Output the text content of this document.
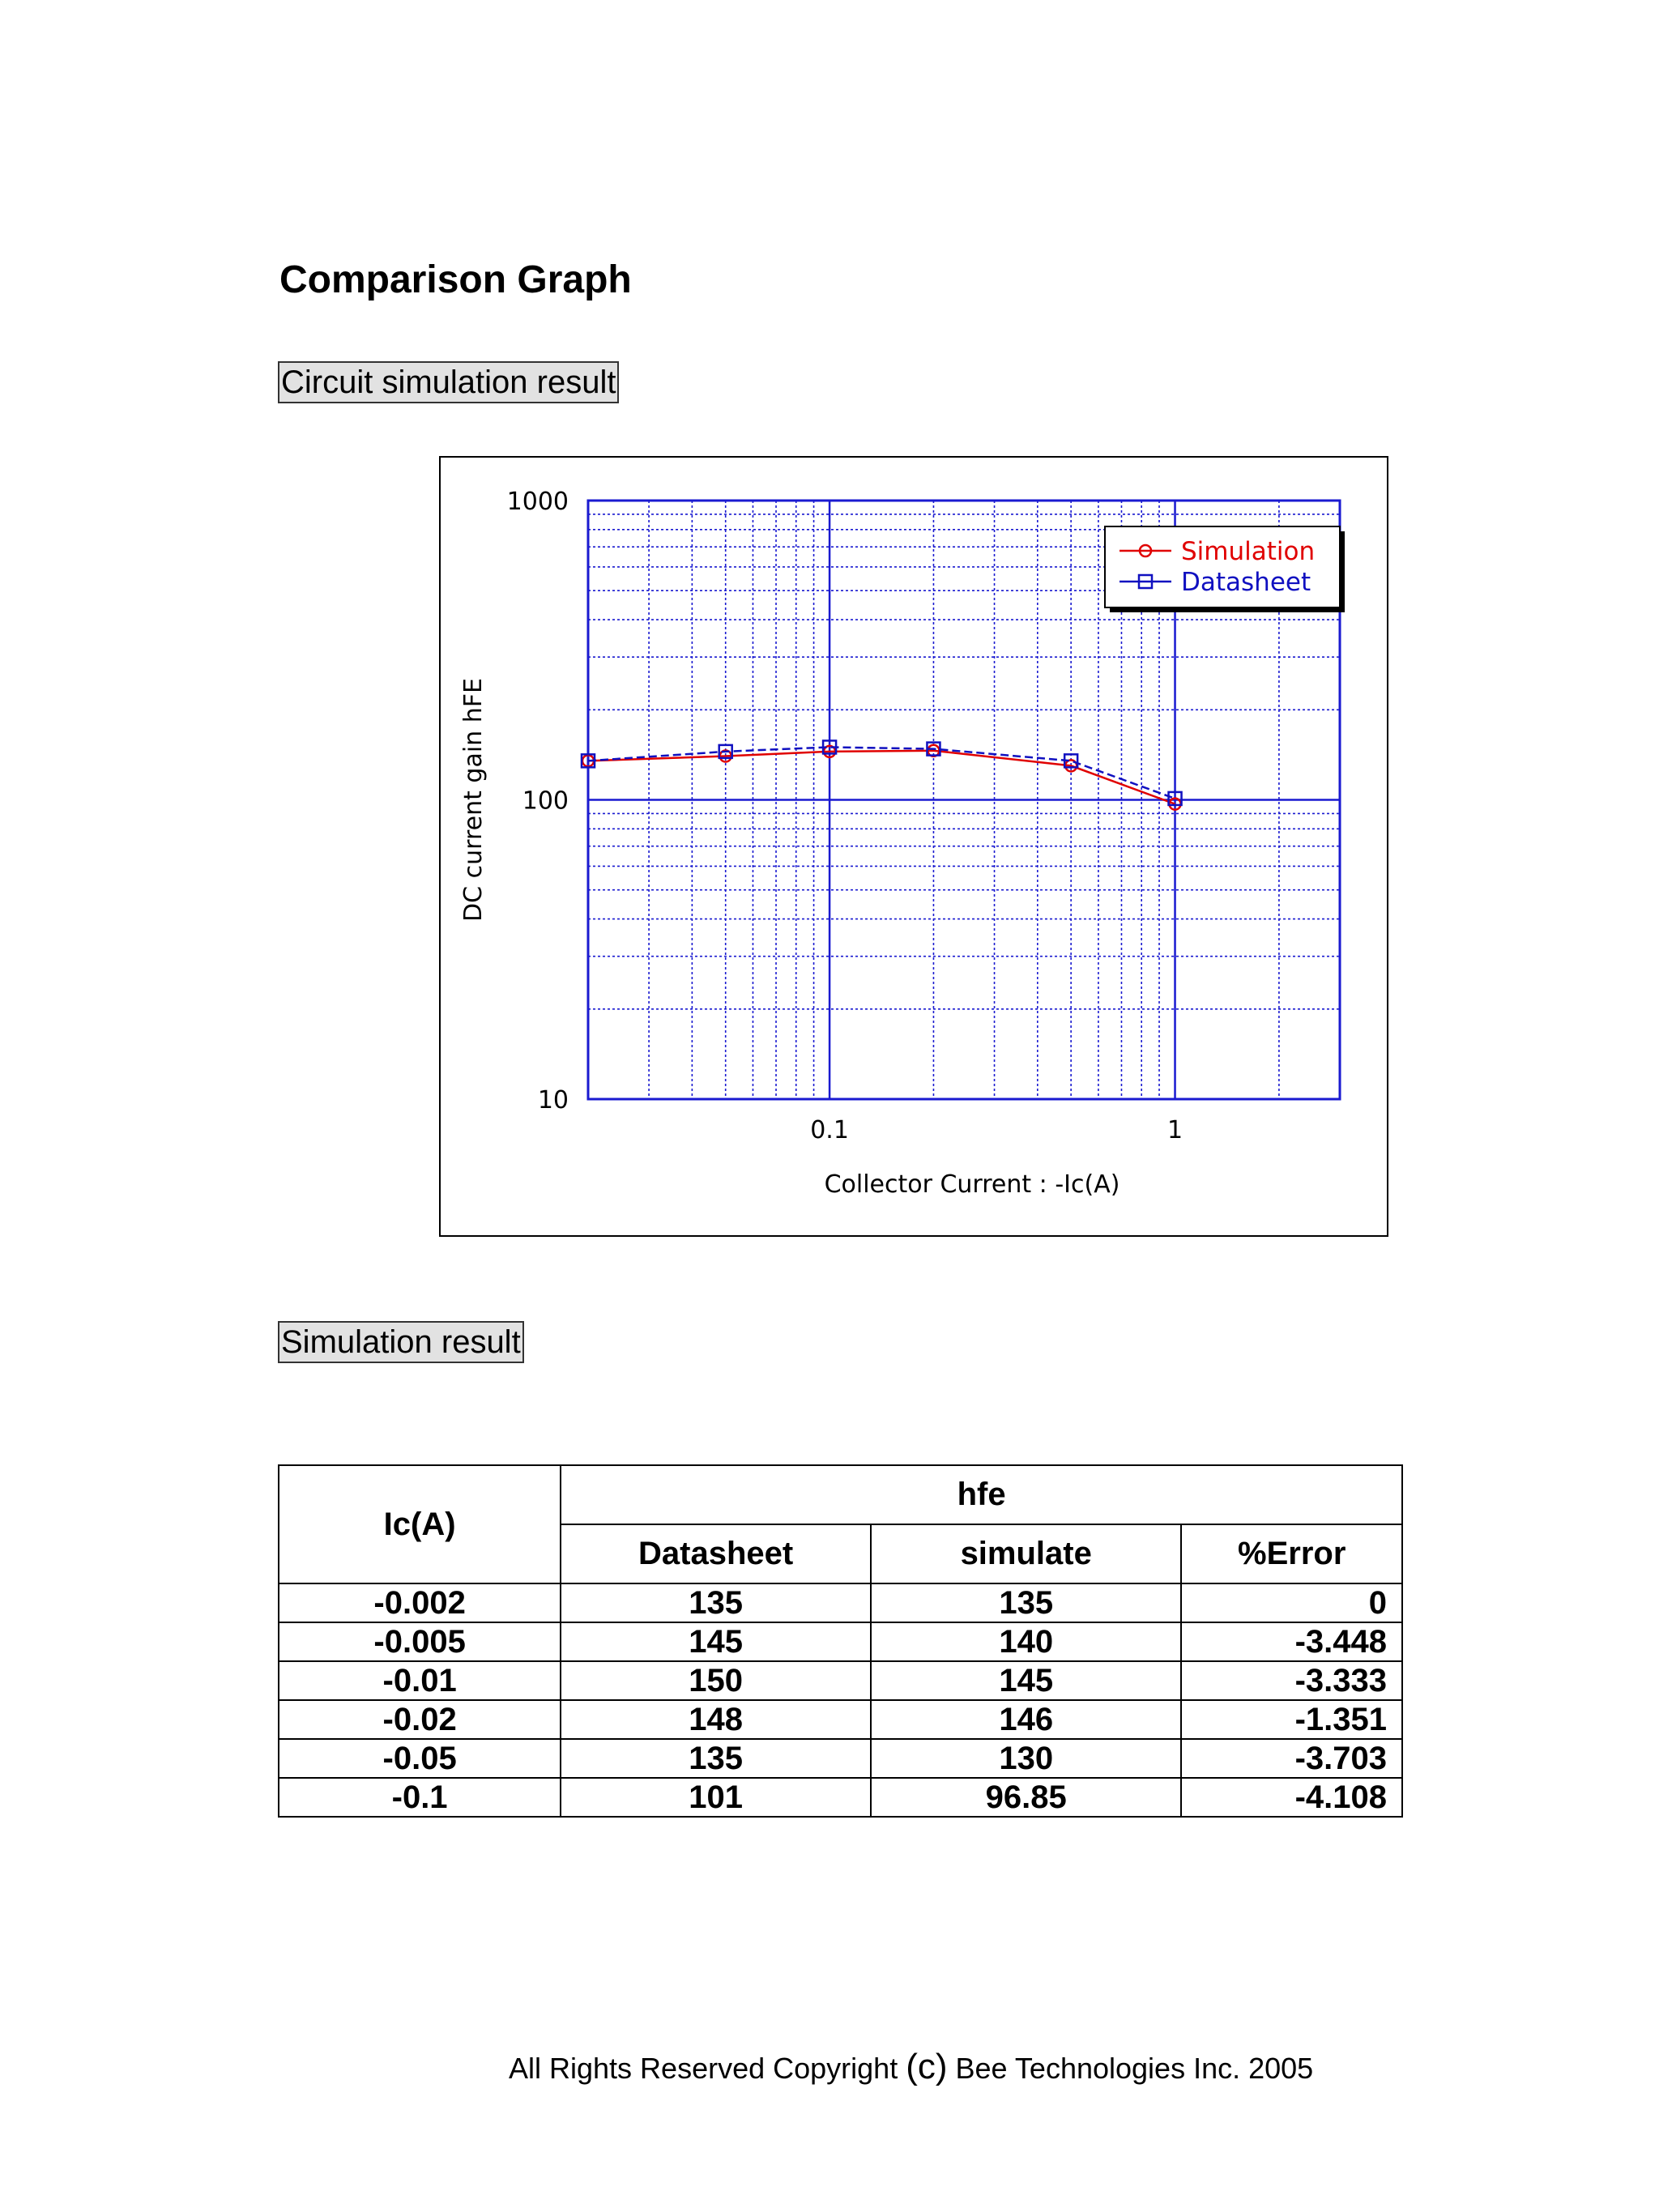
Comparison Graph
Circuit simulation result
0.1	1
10
100
1000
Collector Current : -Ic(A)
DC current gain hFE
Simulation
Datasheet
Simulation result
Ic(A)	hfe		
	Datasheet	simulate	%Error
-0.002	135	135	0
-0.005	145	140	-3.448
-0.01	150	145	-3.333
-0.02	148	146	-1.351
-0.05	135	130	-3.703
-0.1	101	96.85	-4.108
All Rights Reserved Copyright (c) Bee Technologies Inc. 2005
